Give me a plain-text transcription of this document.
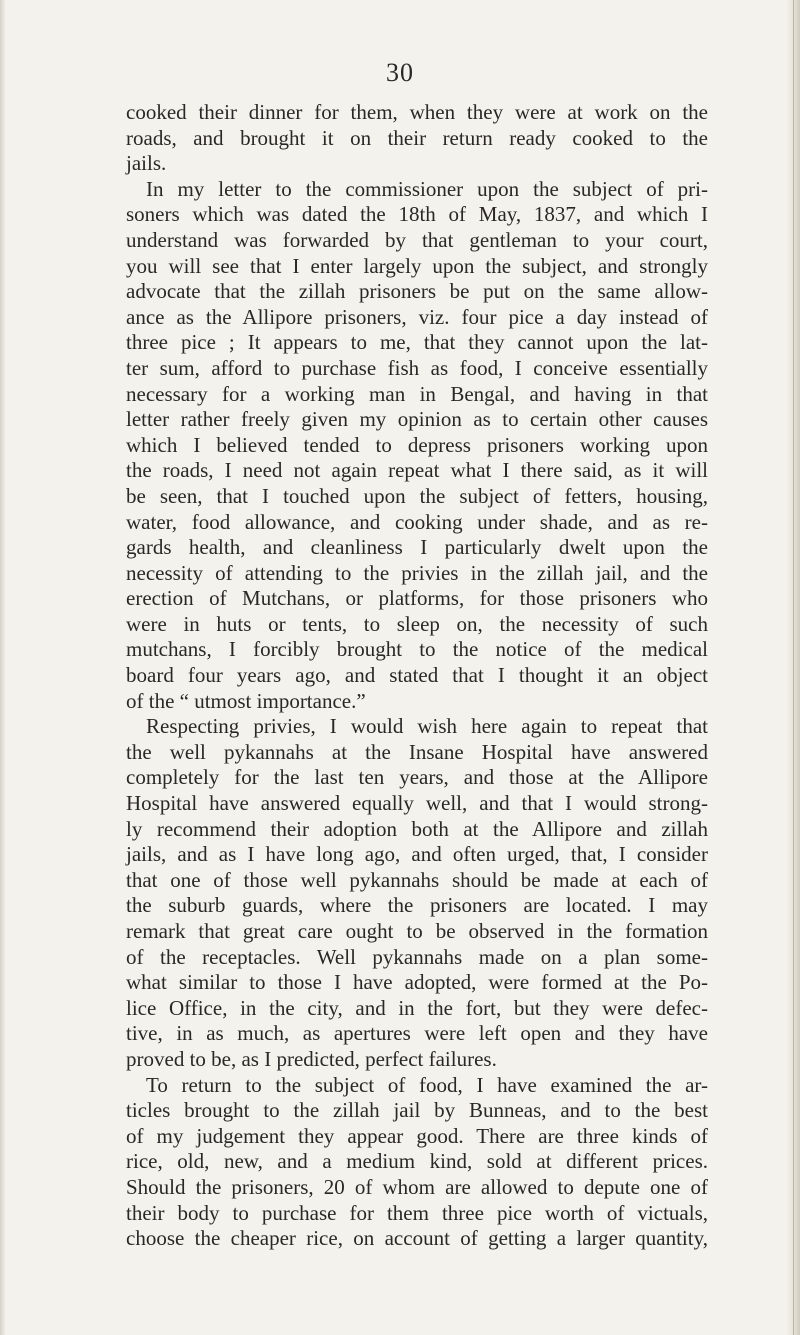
30
cooked their dinner for them, when they were at work on the
roads, and brought it on their return ready cooked to the
jails.
In my letter to the commissioner upon the subject of pri-
soners which was dated the 18th of May, 1837, and which I
understand was forwarded by that gentleman to your court,
you will see that I enter largely upon the subject, and strongly
advocate that the zillah prisoners be put on the same allow-
ance as the Allipore prisoners, viz. four pice a day instead of
three pice ; It appears to me, that they cannot upon the lat-
ter sum, afford to purchase fish as food, I conceive essentially
necessary for a working man in Bengal, and having in that
letter rather freely given my opinion as to certain other causes
which I believed tended to depress prisoners working upon
the roads, I need not again repeat what I there said, as it will
be seen, that I touched upon the subject of fetters, housing,
water, food allowance, and cooking under shade, and as re-
gards health, and cleanliness I particularly dwelt upon the
necessity of attending to the privies in the zillah jail, and the
erection of Mutchans, or platforms, for those prisoners who
were in huts or tents, to sleep on, the necessity of such
mutchans, I forcibly brought to the notice of the medical
board four years ago, and stated that I thought it an object
of the “ utmost importance.”
Respecting privies, I would wish here again to repeat that
the well pykannahs at the Insane Hospital have answered
completely for the last ten years, and those at the Allipore
Hospital have answered equally well, and that I would strong-
ly recommend their adoption both at the Allipore and zillah
jails, and as I have long ago, and often urged, that, I consider
that one of those well pykannahs should be made at each of
the suburb guards, where the prisoners are located. I may
remark that great care ought to be observed in the formation
of the receptacles. Well pykannahs made on a plan some-
what similar to those I have adopted, were formed at the Po-
lice Office, in the city, and in the fort, but they were defec-
tive, in as much, as apertures were left open and they have
proved to be, as I predicted, perfect failures.
To return to the subject of food, I have examined the ar-
ticles brought to the zillah jail by Bunneas, and to the best
of my judgement they appear good. There are three kinds of
rice, old, new, and a medium kind, sold at different prices.
Should the prisoners, 20 of whom are allowed to depute one of
their body to purchase for them three pice worth of victuals,
choose the cheaper rice, on account of getting a larger quantity,
